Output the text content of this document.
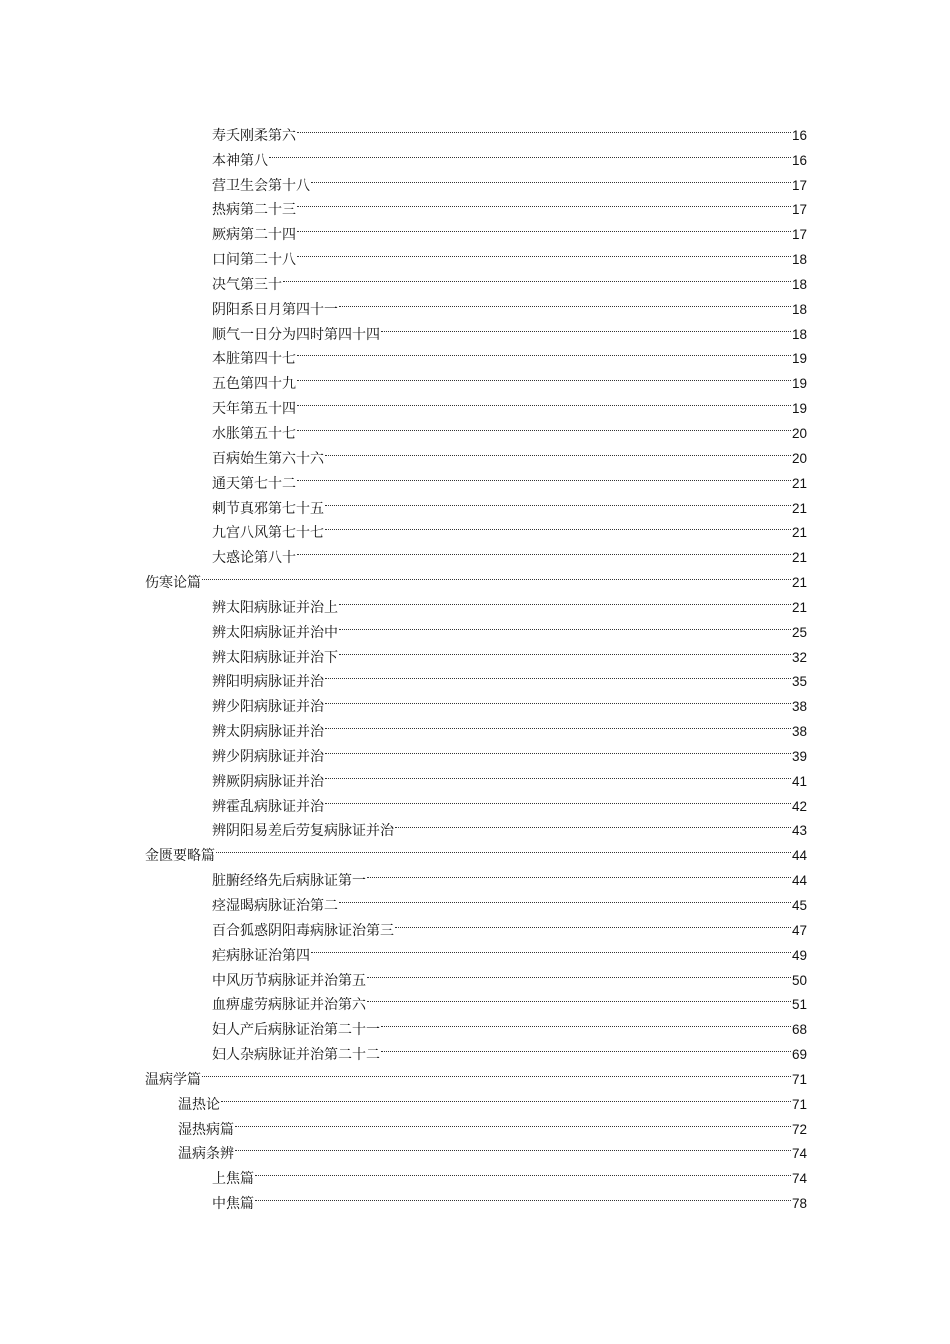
寿夭刚柔第六	16
本神第八	16
营卫生会第十八	17
热病第二十三	17
厥病第二十四	17
口问第二十八	18
决气第三十	18
阴阳系日月第四十一	18
顺气一日分为四时第四十四	18
本脏第四十七	19
五色第四十九	19
天年第五十四	19
水胀第五十七	20
百病始生第六十六	20
通天第七十二	21
刺节真邪第七十五	21
九宫八风第七十七	21
大惑论第八十	21
伤寒论篇	21
辨太阳病脉证并治上	21
辨太阳病脉证并治中	25
辨太阳病脉证并治下	32
辨阳明病脉证并治	35
辨少阳病脉证并治	38
辨太阴病脉证并治	38
辨少阴病脉证并治	39
辨厥阴病脉证并治	41
辨霍乱病脉证并治	42
辨阴阳易差后劳复病脉证并治	43
金匮要略篇	44
脏腑经络先后病脉证第一	44
痉湿暍病脉证治第二	45
百合狐惑阴阳毒病脉证治第三	47
疟病脉证治第四	49
中风历节病脉证并治第五	50
血痹虚劳病脉证并治第六	51
妇人产后病脉证治第二十一	68
妇人杂病脉证并治第二十二	69
温病学篇	71
温热论	71
湿热病篇	72
温病条辨	74
上焦篇	74
中焦篇	78
